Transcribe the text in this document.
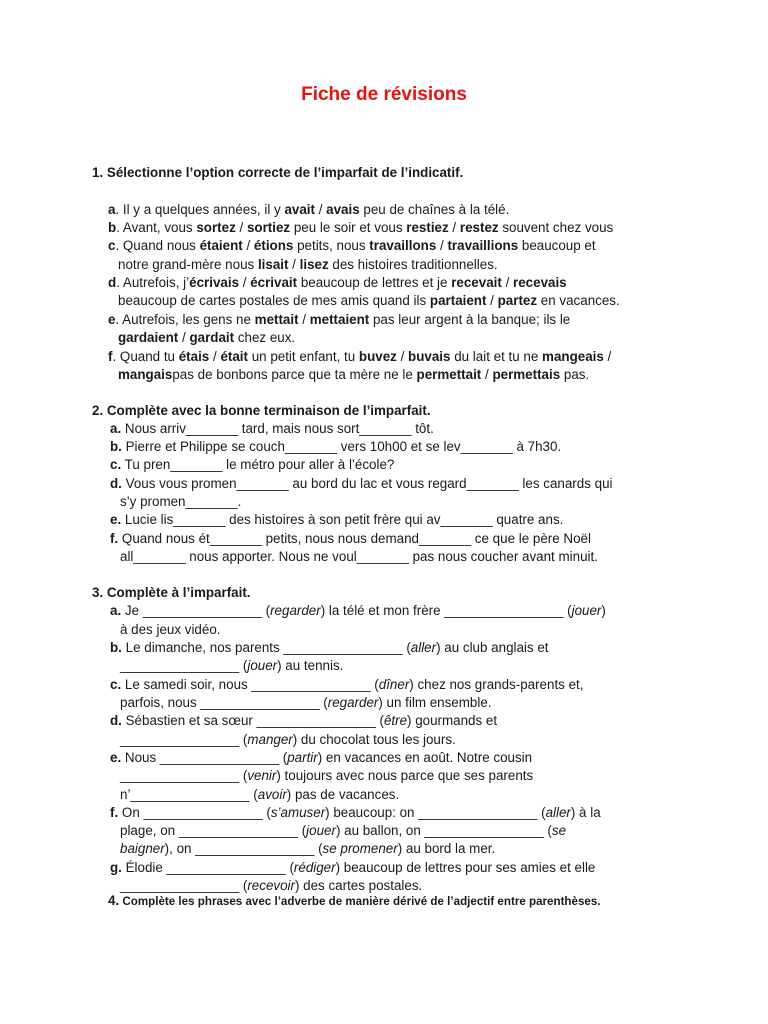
Fiche de révisions
1. Sélectionne l’option correcte de l’imparfait de l’indicatif.
a. Il y a quelques années, il y avait / avais peu de chaînes à la télé.
b. Avant, vous sortez / sortiez peu le soir et vous restiez / restez souvent chez vous
c. Quand nous étaient / étions petits, nous travaillons / travaillions beaucoup et
notre grand-mère nous lisait / lisez des histoires traditionnelles.
d. Autrefois, j’écrivais / écrivait beaucoup de lettres et je recevait / recevais
beaucoup de cartes postales de mes amis quand ils partaient / partez en vacances.
e. Autrefois, les gens ne mettait / mettaient pas leur argent à la banque; ils le
gardaient / gardait chez eux.
f. Quand tu étais / était un petit enfant, tu buvez / buvais du lait et tu ne mangeais /
mangaispas de bonbons parce que ta mère ne le permettait / permettais pas.
2. Complète avec la bonne terminaison de l’imparfait.
a. Nous arriv_______ tard, mais nous sort_______ tôt.
b. Pierre et Philippe se couch_______ vers 10h00 et se lev_______ à 7h30.
c. Tu pren_______ le métro pour aller à l’école?
d. Vous vous promen_______ au bord du lac et vous regard_______ les canards qui
s’y promen_______.
e. Lucie lis_______ des histoires à son petit frère qui av_______ quatre ans.
f. Quand nous ét_______ petits, nous nous demand_______ ce que le père Noël
all_______ nous apporter. Nous ne voul_______ pas nous coucher avant minuit.
3. Complète à l’imparfait.
a. Je ________________ (regarder) la télé et mon frère ________________ (jouer)
à des jeux vidéo.
b. Le dimanche, nos parents ________________ (aller) au club anglais et
________________ (jouer) au tennis.
c. Le samedi soir, nous ________________ (dîner) chez nos grands-parents et,
parfois, nous ________________ (regarder) un film ensemble.
d. Sébastien et sa sœur ________________ (être) gourmands et
________________ (manger) du chocolat tous les jours.
e. Nous ________________ (partir) en vacances en août. Notre cousin
________________ (venir) toujours avec nous parce que ses parents
n’________________ (avoir) pas de vacances.
f. On ________________ (s’amuser) beaucoup: on ________________ (aller) à la
plage, on ________________ (jouer) au ballon, on ________________ (se
baigner), on ________________ (se promener) au bord la mer.
g. Élodie ________________ (rédiger) beaucoup de lettres pour ses amies et elle
________________ (recevoir) des cartes postales.
4. Complète les phrases avec l’adverbe de manière dérivé de l’adjectif entre parenthèses.
